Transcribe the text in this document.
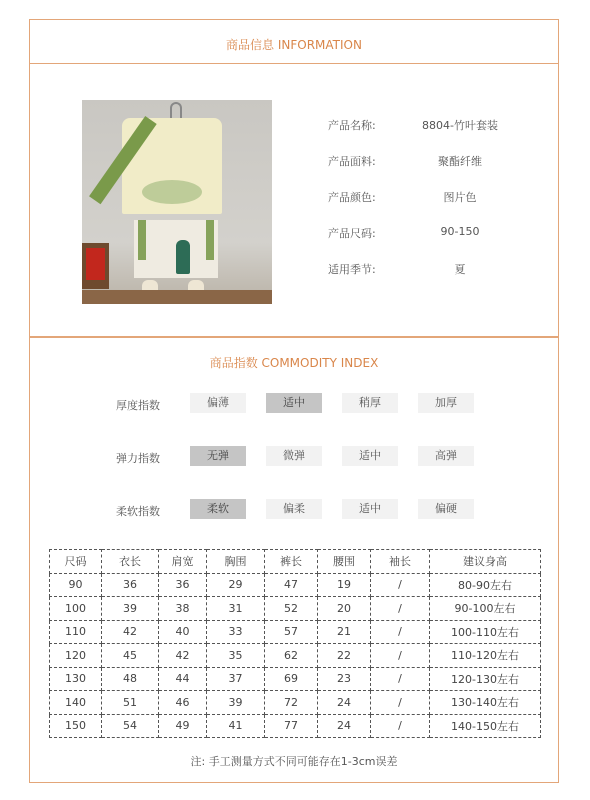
商品信息 INFORMATION
产品名称:	8804-竹叶套装
产品面料:	聚酯纤维
产品颜色:	图片色
产品尺码:	90-150
适用季节:	夏
商品指数 COMMODITY INDEX
厚度指数	偏薄	适中	稍厚	加厚
弹力指数	无弹	微弹	适中	高弹
柔软指数	柔软	偏柔	适中	偏硬
尺码	衣长	肩宽	胸围	裤长	腰围	袖长	建议身高
90	36	36	29	47	19	/	80-90左右
100	39	38	31	52	20	/	90-100左右
110	42	40	33	57	21	/	100-110左右
120	45	42	35	62	22	/	110-120左右
130	48	44	37	69	23	/	120-130左右
140	51	46	39	72	24	/	130-140左右
150	54	49	41	77	24	/	140-150左右
注: 手工测量方式不同可能存在1-3cm误差
